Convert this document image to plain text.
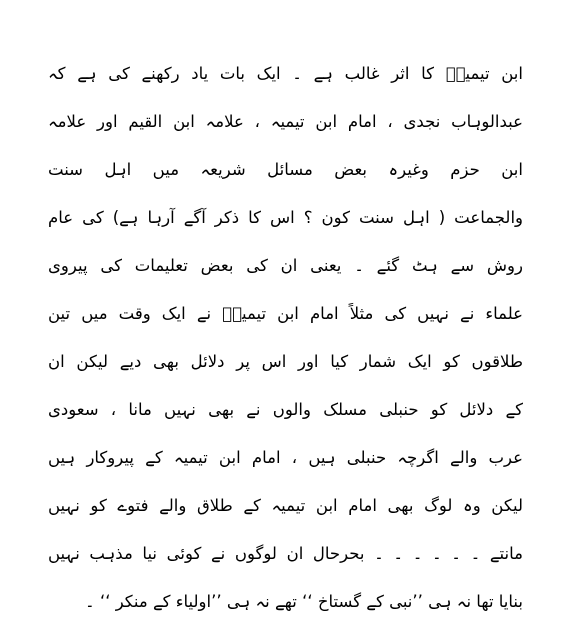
ابن تیمیہؒ کا اثر غالب ہے ۔ ایک بات یاد رکھنے کی ہے کہ
عبدالوہاب نجدی ، امام ابن تیمیہ ، علامہ ابن القیم اور علامہ
ابن حزم وغیرہ بعض مسائل شریعہ میں اہل سنت
والجماعت ( اہل سنت کون ؟ اس کا ذکر آگے آرہا ہے) کی عام
روش سے ہٹ گئے ۔ یعنی ان کی بعض تعلیمات کی پیروی
علماء نے نہیں کی مثلاً امام ابن تیمیہؒ نے ایک وقت میں تین
طلاقوں کو ایک شمار کیا اور اس پر دلائل بھی دیے لیکن ان
کے دلائل کو حنبلی مسلک والوں نے بھی نہیں مانا ، سعودی
عرب والے اگرچہ حنبلی ہیں ، امام ابن تیمیہ کے پیروکار ہیں
لیکن وہ لوگ بھی امام ابن تیمیہ کے طلاق والے فتوے کو نہیں
مانتے ۔ ۔ ۔ ۔ ۔ ۔ بحرحال ان لوگوں نے کوئی نیا مذہب نہیں
بنایا تھا نہ ہی ’’نبی کے گستاخ ‘‘ تھے نہ ہی ’’اولیاء کے منکر ‘‘ ۔
